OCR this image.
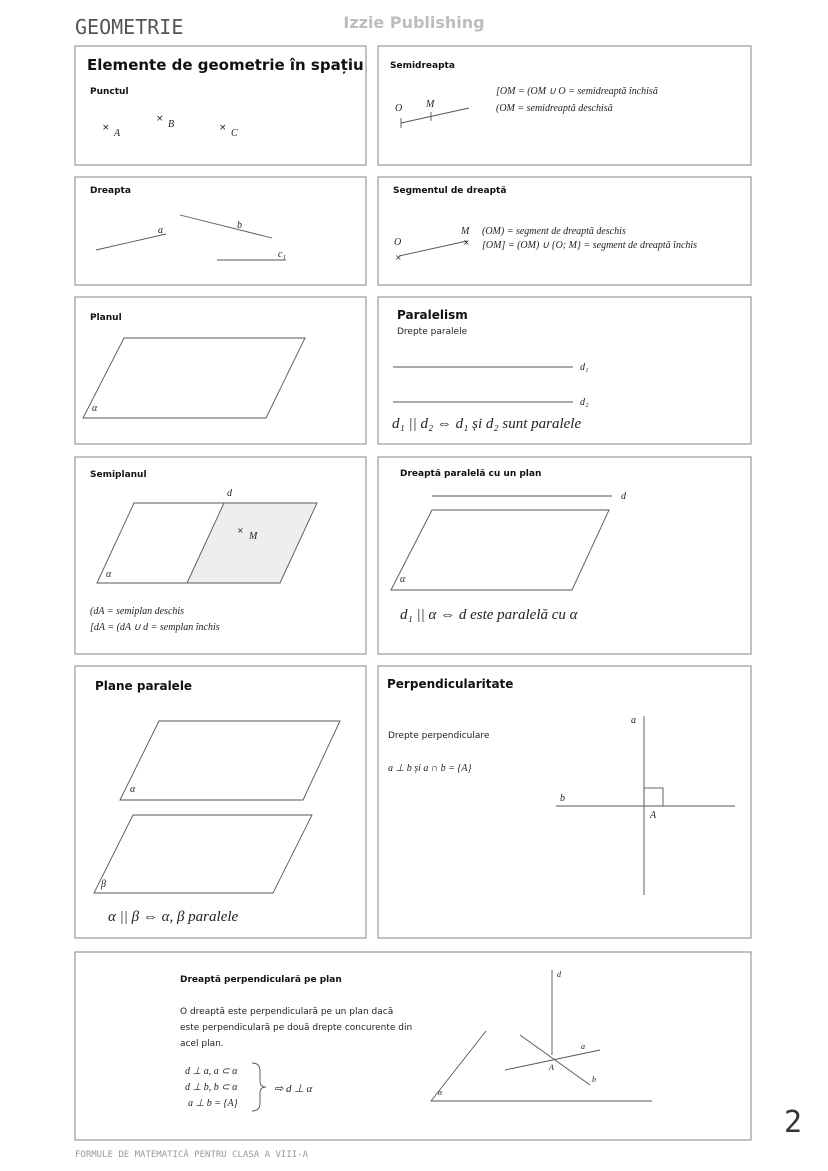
GEOMETRIE	Izzie Publishing
Elemente de geometrie în spațiu
Punctul
× A
× B	× C
Semidreapta
O M
[OM = (OM ∪ O = semidreaptă închisă
(OM = semidreaptă deschisă
Dreapta
a	b
c₁
Segmentul de dreaptă
×
×
O
M (OM) = segment de dreaptă deschis
[OM] = (OM) ∪ {O; M} = segment de dreaptă închis
Planul
α
Paralelism
Drepte paralele
d₁
d₂
d₁ || d₂ ⇔ d₁ și d₂ sunt paralele
Semiplanul
d
×
M
α
(dA = semiplan deschis
[dA = (dA ∪ d = semplan închis
Dreaptă paralelă cu un plan
d
α
d₁ || α ⇔ d este paralelă cu α
Plane paralele
α
β
α || β ⇔ α, β paralele
Perpendicularitate
Drepte perpendiculare
a ⊥ b și a ∩ b = {A}
a
b
A
Dreaptă perpendiculară pe plan
O dreaptă este perpendiculară pe un plan dacă
este perpendiculară pe două drepte concurente din
acel plan.
d ⊥ a, a ⊂ α
d ⊥ b, b ⊂ α
a ⊥ b = {A}
⇨ d ⊥ α	α
d
a
b
A
FORMULE DE MATEMATICĂ PENTRU CLASA A VIII-A
2
